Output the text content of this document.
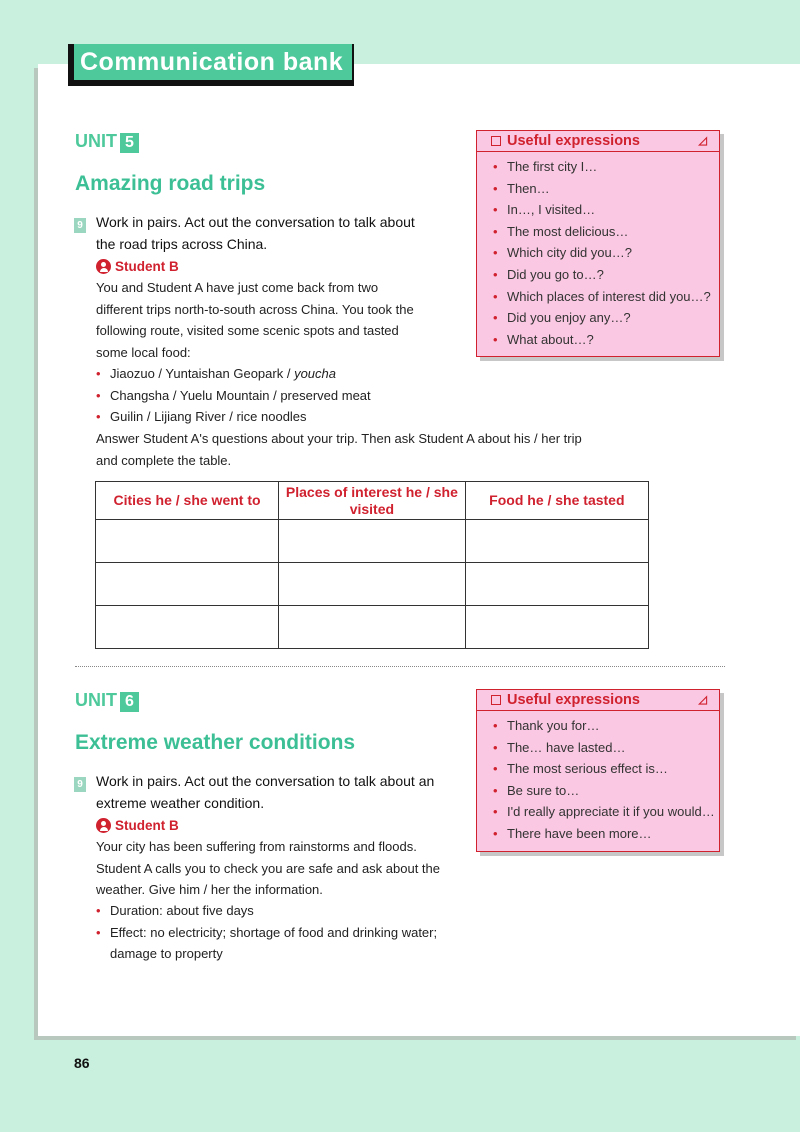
Communication bank
UNIT 5
Amazing road trips
9 Work in pairs. Act out the conversation to talk about
the road trips across China.
Student B
You and Student A have just come back from two
different trips north-to-south across China. You took the
following route, visited some scenic spots and tasted
some local food:
• Jiaozuo / Yuntaishan Geopark / youcha
• Changsha / Yuelu Mountain / preserved meat
• Guilin / Lijiang River / rice noodles
Answer Student A's questions about your trip. Then ask Student A about his / her trip
and complete the table.
Cities he / she went to	Places of interest he / she visited	Food he / she tasted

Useful expressions	◿
• The first city I…
• Then…
• In…, I visited…
• The most delicious…
• Which city did you…?
• Did you go to…?
• Which places of interest did you…?
• Did you enjoy any…?
• What about…?
UNIT 6
Extreme weather conditions
9 Work in pairs. Act out the conversation to talk about an
extreme weather condition.
Student B
Your city has been suffering from rainstorms and floods.
Student A calls you to check you are safe and ask about the
weather. Give him / her the information.
• Duration: about five days
• Effect: no electricity; shortage of food and drinking water; damage to property
Useful expressions	◿
• Thank you for…
• The… have lasted…
• The most serious effect is…
• Be sure to…
• I'd really appreciate it if you would…
• There have been more…
86
